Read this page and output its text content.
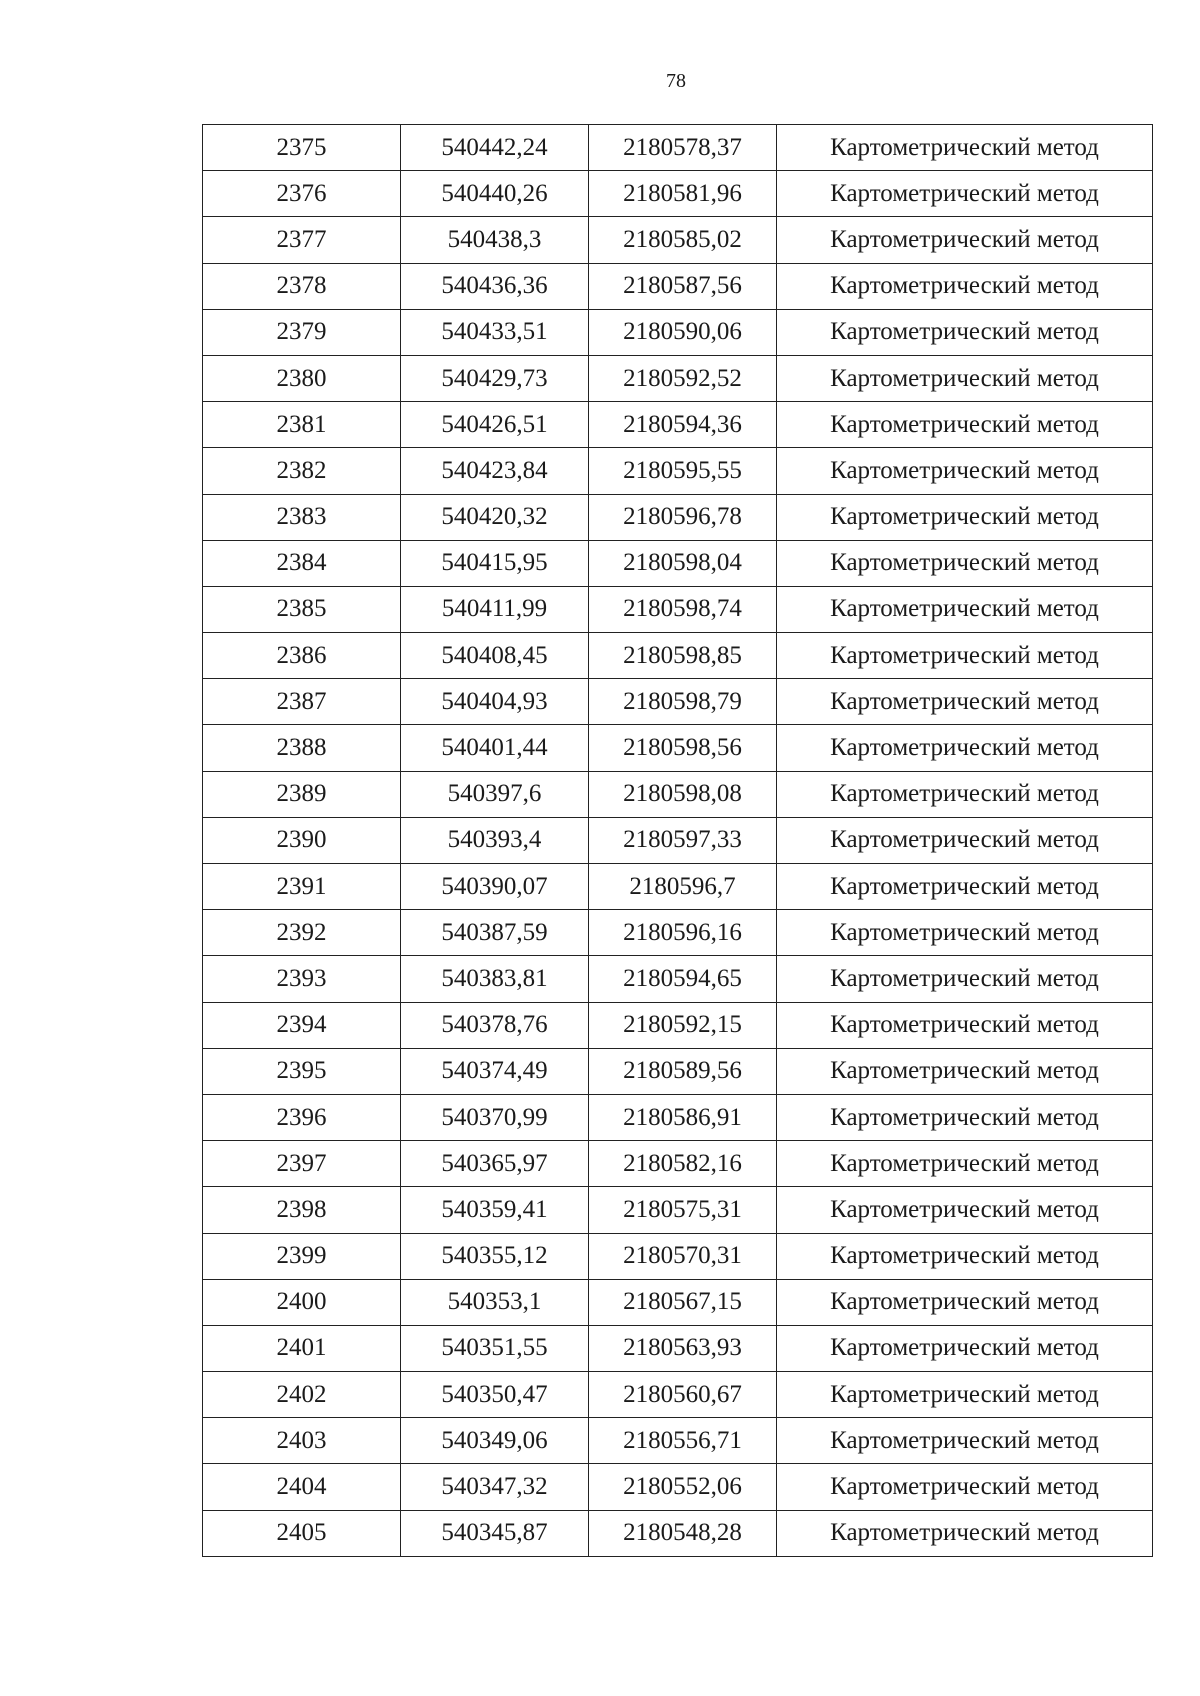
78
2375	540442,24	2180578,37	Картометрический метод
2376	540440,26	2180581,96	Картометрический метод
2377	540438,3	2180585,02	Картометрический метод
2378	540436,36	2180587,56	Картометрический метод
2379	540433,51	2180590,06	Картометрический метод
2380	540429,73	2180592,52	Картометрический метод
2381	540426,51	2180594,36	Картометрический метод
2382	540423,84	2180595,55	Картометрический метод
2383	540420,32	2180596,78	Картометрический метод
2384	540415,95	2180598,04	Картометрический метод
2385	540411,99	2180598,74	Картометрический метод
2386	540408,45	2180598,85	Картометрический метод
2387	540404,93	2180598,79	Картометрический метод
2388	540401,44	2180598,56	Картометрический метод
2389	540397,6	2180598,08	Картометрический метод
2390	540393,4	2180597,33	Картометрический метод
2391	540390,07	2180596,7	Картометрический метод
2392	540387,59	2180596,16	Картометрический метод
2393	540383,81	2180594,65	Картометрический метод
2394	540378,76	2180592,15	Картометрический метод
2395	540374,49	2180589,56	Картометрический метод
2396	540370,99	2180586,91	Картометрический метод
2397	540365,97	2180582,16	Картометрический метод
2398	540359,41	2180575,31	Картометрический метод
2399	540355,12	2180570,31	Картометрический метод
2400	540353,1	2180567,15	Картометрический метод
2401	540351,55	2180563,93	Картометрический метод
2402	540350,47	2180560,67	Картометрический метод
2403	540349,06	2180556,71	Картометрический метод
2404	540347,32	2180552,06	Картометрический метод
2405	540345,87	2180548,28	Картометрический метод
